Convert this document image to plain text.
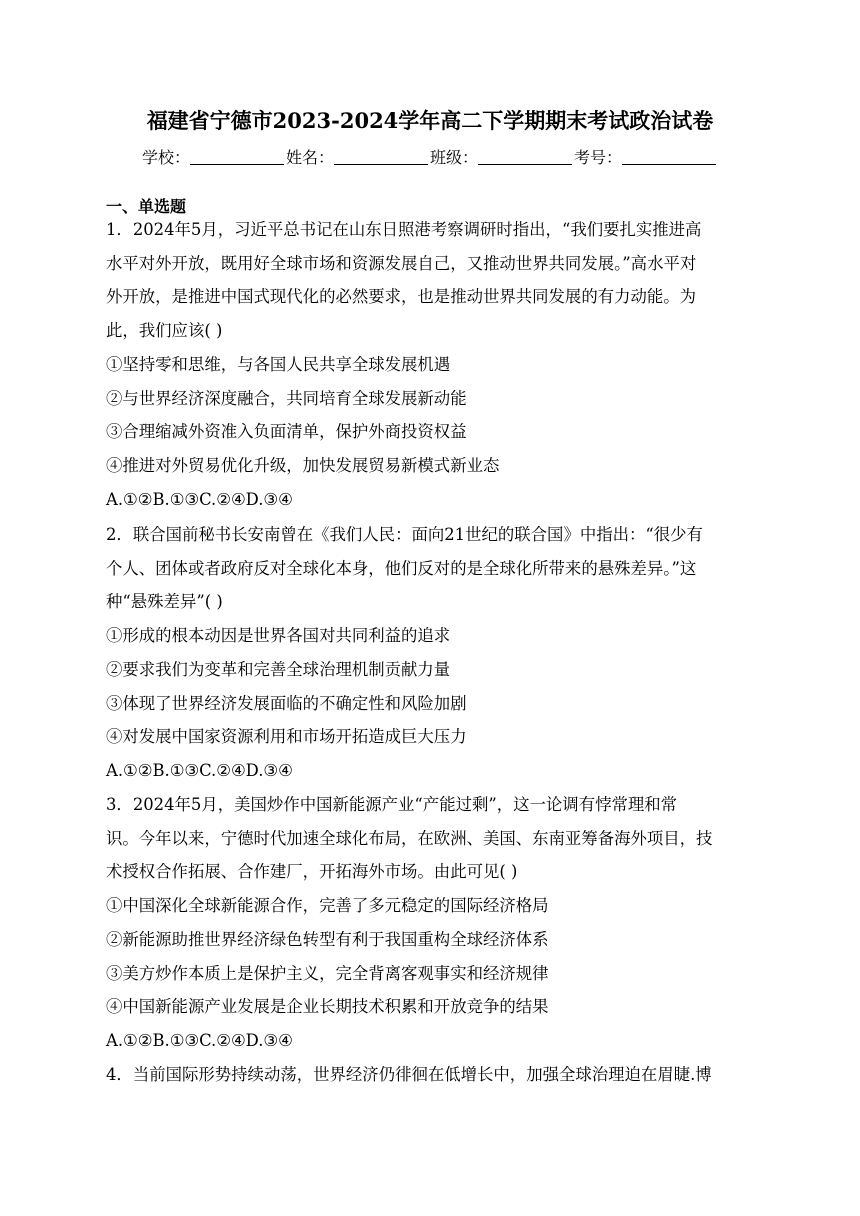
福建省宁德市2023-2024学年高二下学期期末考试政治试卷
学校：	姓名：	班级：	考号：
一、单选题
1．2024年5月，习近平总书记在山东日照港考察调研时指出，“我们要扎实推进高
水平对外开放，既用好全球市场和资源发展自己，又推动世界共同发展。”高水平对
外开放，是推进中国式现代化的必然要求，也是推动世界共同发展的有力动能。为
此，我们应该( )
①坚持零和思维，与各国人民共享全球发展机遇
②与世界经济深度融合，共同培育全球发展新动能
③合理缩减外资准入负面清单，保护外商投资权益
④推进对外贸易优化升级，加快发展贸易新模式新业态
A.①②B.①③C.②④D.③④
2．联合国前秘书长安南曾在《我们人民：面向21世纪的联合国》中指出：“很少有
个人、团体或者政府反对全球化本身，他们反对的是全球化所带来的悬殊差异。”这
种“悬殊差异”( )
①形成的根本动因是世界各国对共同利益的追求
②要求我们为变革和完善全球治理机制贡献力量
③体现了世界经济发展面临的不确定性和风险加剧
④对发展中国家资源利用和市场开拓造成巨大压力
A.①②B.①③C.②④D.③④
3．2024年5月，美国炒作中国新能源产业“产能过剩”，这一论调有悖常理和常
识。今年以来，宁德时代加速全球化布局，在欧洲、美国、东南亚筹备海外项目，技
术授权合作拓展、合作建厂，开拓海外市场。由此可见( )
①中国深化全球新能源合作，完善了多元稳定的国际经济格局
②新能源助推世界经济绿色转型有利于我国重构全球经济体系
③美方炒作本质上是保护主义，完全背离客观事实和经济规律
④中国新能源产业发展是企业长期技术积累和开放竞争的结果
A.①②B.①③C.②④D.③④
4．当前国际形势持续动荡，世界经济仍徘徊在低增长中，加强全球治理迫在眉睫.博
